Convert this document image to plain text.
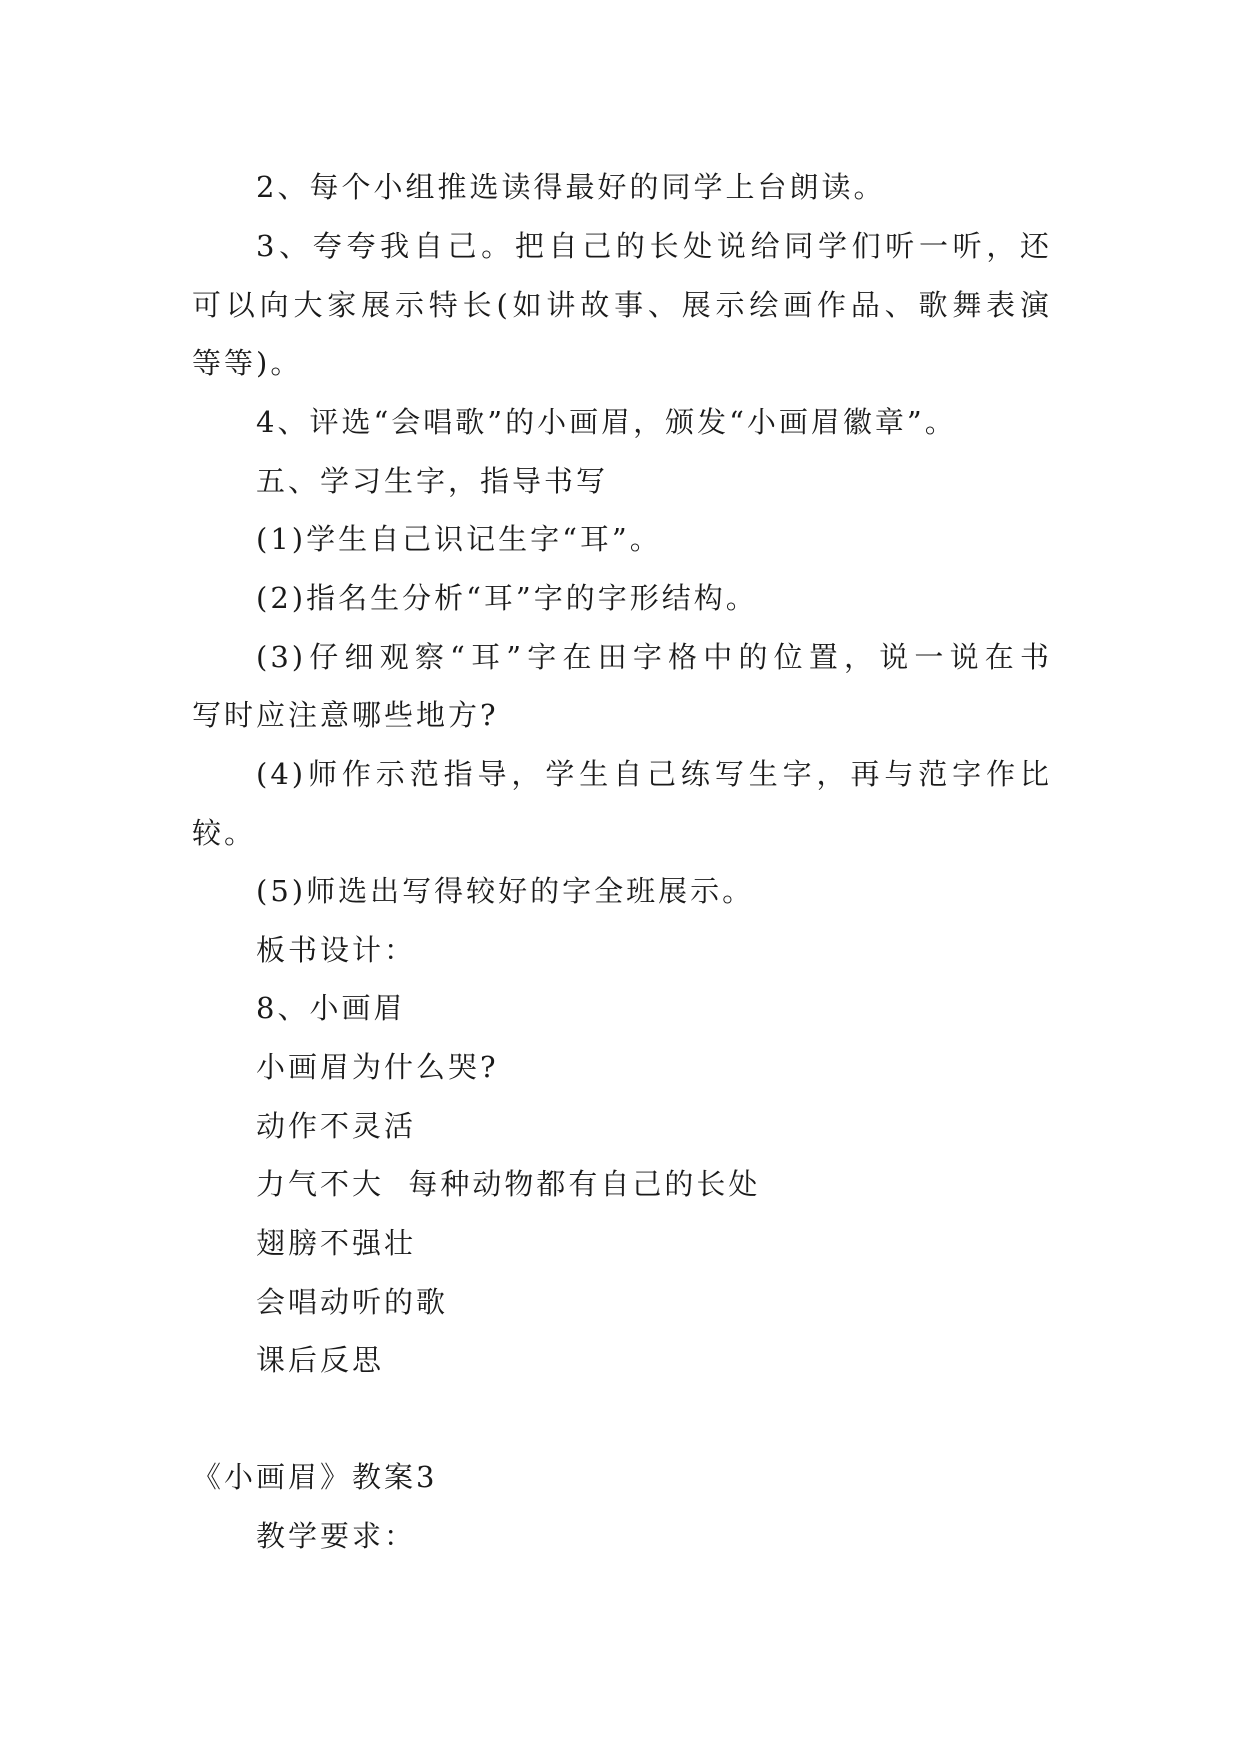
2、每个小组推选读得最好的同学上台朗读。
3、夸夸我自己。把自己的长处说给同学们听一听，还
可以向大家展示特长(如讲故事、展示绘画作品、歌舞表演
等等)。
4、评选“会唱歌”的小画眉，颁发“小画眉徽章”。
五、学习生字，指导书写
(1)学生自己识记生字“耳”。
(2)指名生分析“耳”字的字形结构。
(3)仔细观察“耳”字在田字格中的位置，说一说在书
写时应注意哪些地方?
(4)师作示范指导，学生自己练写生字，再与范字作比
较。
(5)师选出写得较好的字全班展示。
板书设计：
8、小画眉
小画眉为什么哭?
动作不灵活
力气不大  每种动物都有自己的长处
翅膀不强壮
会唱动听的歌
课后反思
《小画眉》教案3
教学要求：
